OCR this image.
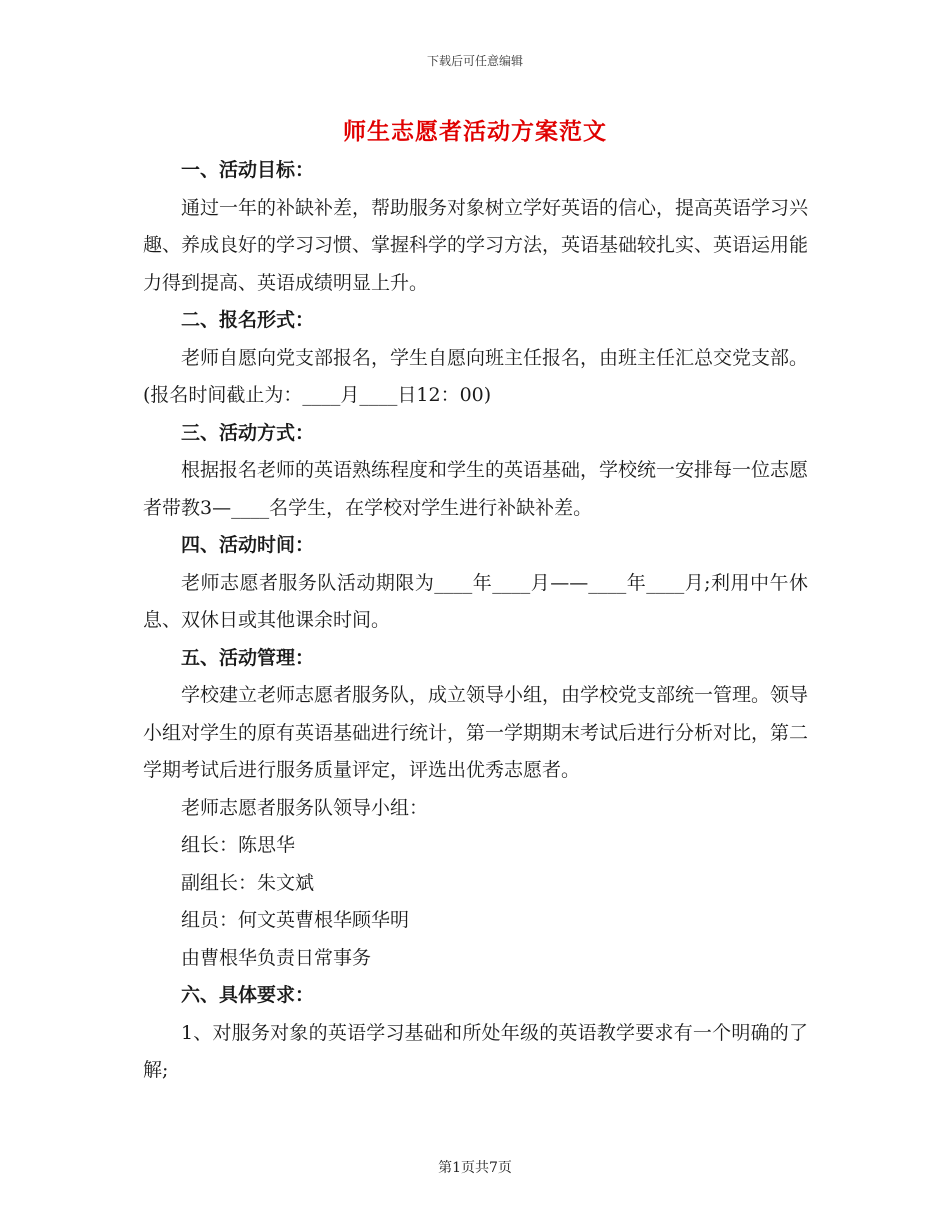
下载后可任意编辑
师生志愿者活动方案范文

一、活动目标：

通过一年的补缺补差，帮助服务对象树立学好英语的信心，提高英语学习兴趣、养成良好的学习习惯、掌握科学的学习方法，英语基础较扎实、英语运用能力得到提高、英语成绩明显上升。

二、报名形式：

老师自愿向党支部报名，学生自愿向班主任报名，由班主任汇总交党支部。(报名时间截止为：____月____日12：00)

三、活动方式：

根据报名老师的英语熟练程度和学生的英语基础，学校统一安排每一位志愿者带教3—____名学生，在学校对学生进行补缺补差。

四、活动时间：

老师志愿者服务队活动期限为____年____月——____年____月;利用中午休息、双休日或其他课余时间。

五、活动管理：

学校建立老师志愿者服务队，成立领导小组，由学校党支部统一管理。领导小组对学生的原有英语基础进行统计，第一学期期末考试后进行分析对比，第二学期考试后进行服务质量评定，评选出优秀志愿者。

老师志愿者服务队领导小组：

组长：陈思华

副组长：朱文斌

组员：何文英曹根华顾华明

由曹根华负责日常事务

六、具体要求：

1、对服务对象的英语学习基础和所处年级的英语教学要求有一个明确的了解;

第1页共7页
